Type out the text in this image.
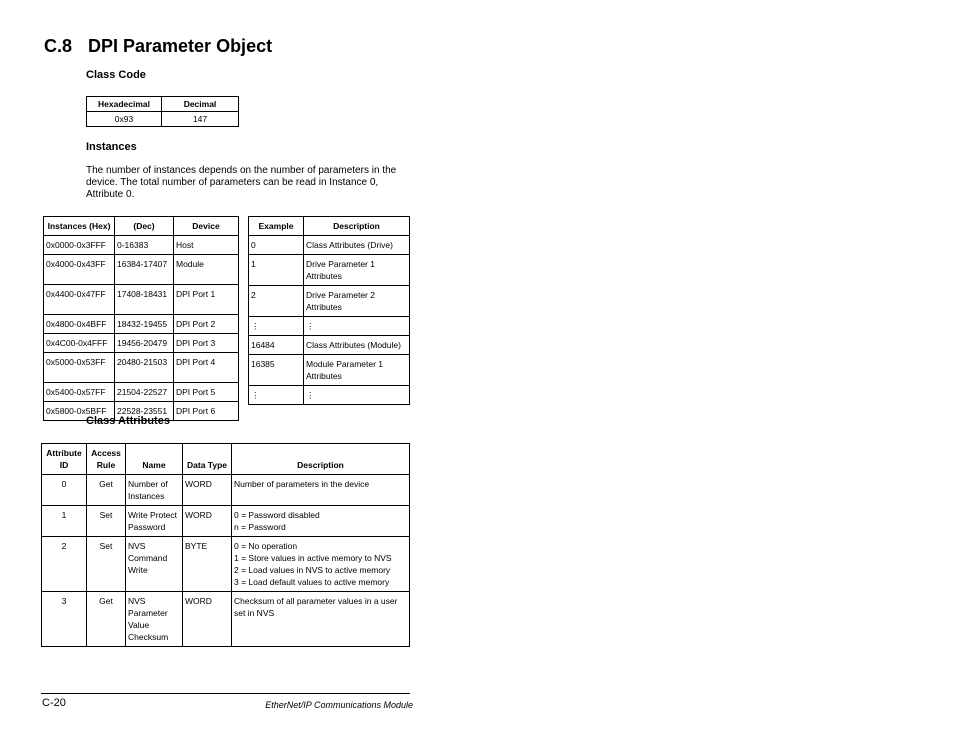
C.8 DPI Parameter Object
Class Code
Hexadecimal	Decimal
0x93	147
Instances
The number of instances depends on the number of parameters in the device. The total number of parameters can be read in Instance 0, Attribute 0.
Instances (Hex)	(Dec)	Device
0x0000-0x3FFF	0-16383	Host
0x4000-0x43FF	16384-17407	Module
0x4400-0x47FF	17408-18431	DPI Port 1
0x4800-0x4BFF	18432-19455	DPI Port 2
0x4C00-0x4FFF	19456-20479	DPI Port 3
0x5000-0x53FF	20480-21503	DPI Port 4
0x5400-0x57FF	21504-22527	DPI Port 5
0x5800-0x5BFF	22528-23551	DPI Port 6
Example	Description
0	Class Attributes (Drive)
1	Drive Parameter 1 Attributes
2	Drive Parameter 2 Attributes
⋮	⋮
16484	Class Attributes (Module)
16385	Module Parameter 1 Attributes
⋮	⋮
Class Attributes
Attribute ID	Access Rule	Name	Data Type	Description
0	Get	Number of Instances	WORD	Number of parameters in the device
1	Set	Write Protect Password	WORD	0 = Password disabled
n = Password
2	Set	NVS Command Write	BYTE	0 = No operation
1 = Store values in active memory to NVS
2 = Load values in NVS to active memory
3 = Load default values to active memory
3	Get	NVS Parameter Value Checksum	WORD	Checksum of all parameter values in a user set in NVS
C-20	EtherNet/IP Communications Module
